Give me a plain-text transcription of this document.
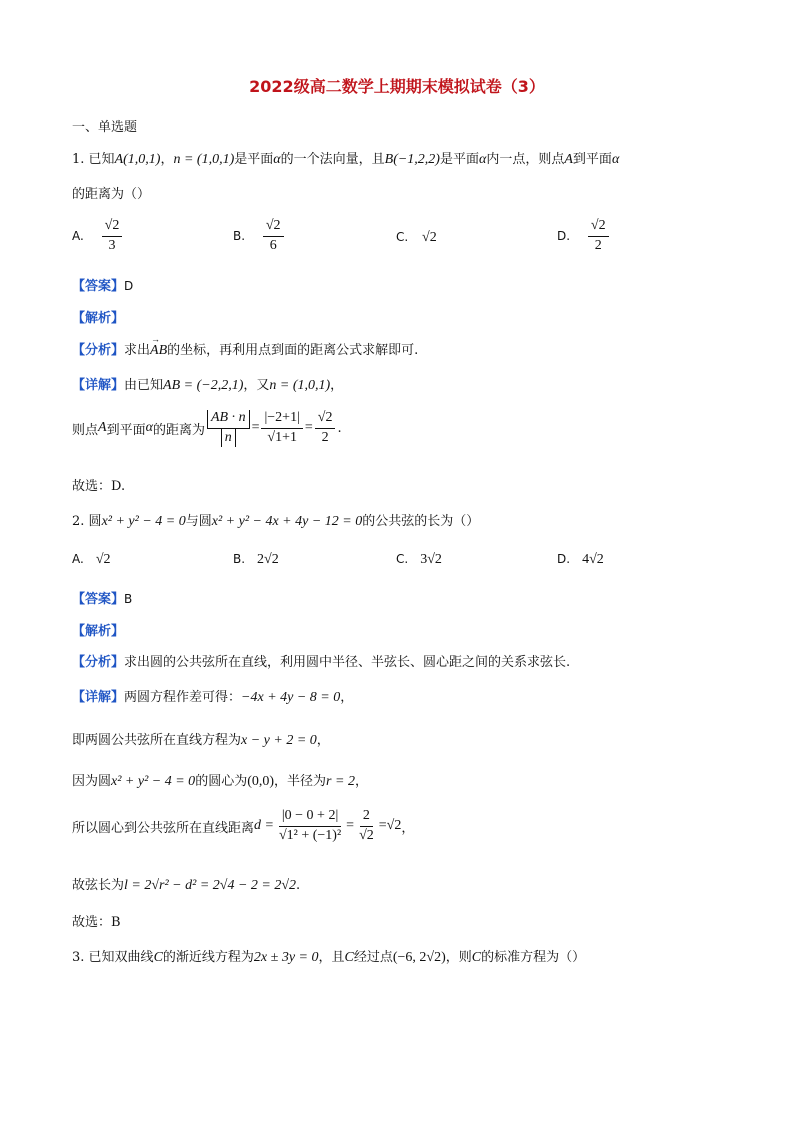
2022级高二数学上期期末模拟试卷（3）
一、单选题
1. 已知A(1,0,1)，n = (1,0,1)是平面α的一个法向量，且B(−1,2,2)是平面α内一点，则点A到平面α
的距离为（）
A. $\frac{√2}{3}$	B. $\frac{√2}{6}$	C. √2	D. $\frac{√2}{2}$
【答案】D
【解析】
【分析】求出→ AB的坐标，再利用点到面的距离公式求解即可.
【详解】由已知AB = (−2,2,1)，又n = (1,0,1)，
则点 A 到平面 α 的距离为 $\frac{AB \cdot n}{n} = \frac{|-2+1|}{√1+1} = \frac{√2}{2}$ .
故选：D.
2. 圆x² + y² − 4 = 0与圆x² + y² − 4x + 4y − 12 = 0的公共弦的长为（）
A. √2	B. 2√2	C. 3√2	D. 4√2
【答案】B
【解析】
【分析】求出圆的公共弦所在直线，利用圆中半径、半弦长、圆心距之间的关系求弦长.
【详解】两圆方程作差可得：−4x + 4y − 8 = 0，
即两圆公共弦所在直线方程为x − y + 2 = 0，
因为圆x² + y² − 4 = 0的圆心为(0,0)，半径为r = 2，
所以圆心到公共弦所在直线距离 $d = \frac{|0 - 0 + 2|}{\text{√1² + (−1)²}} = \frac{2}{√2} = √2$ ，
故弦长为l = 2√r² − d² = 2√4 − 2 = 2√2.
故选：B
3. 已知双曲线C的渐近线方程为2x ± 3y = 0，且C经过点(−6, 2√2)，则C的标准方程为（）
